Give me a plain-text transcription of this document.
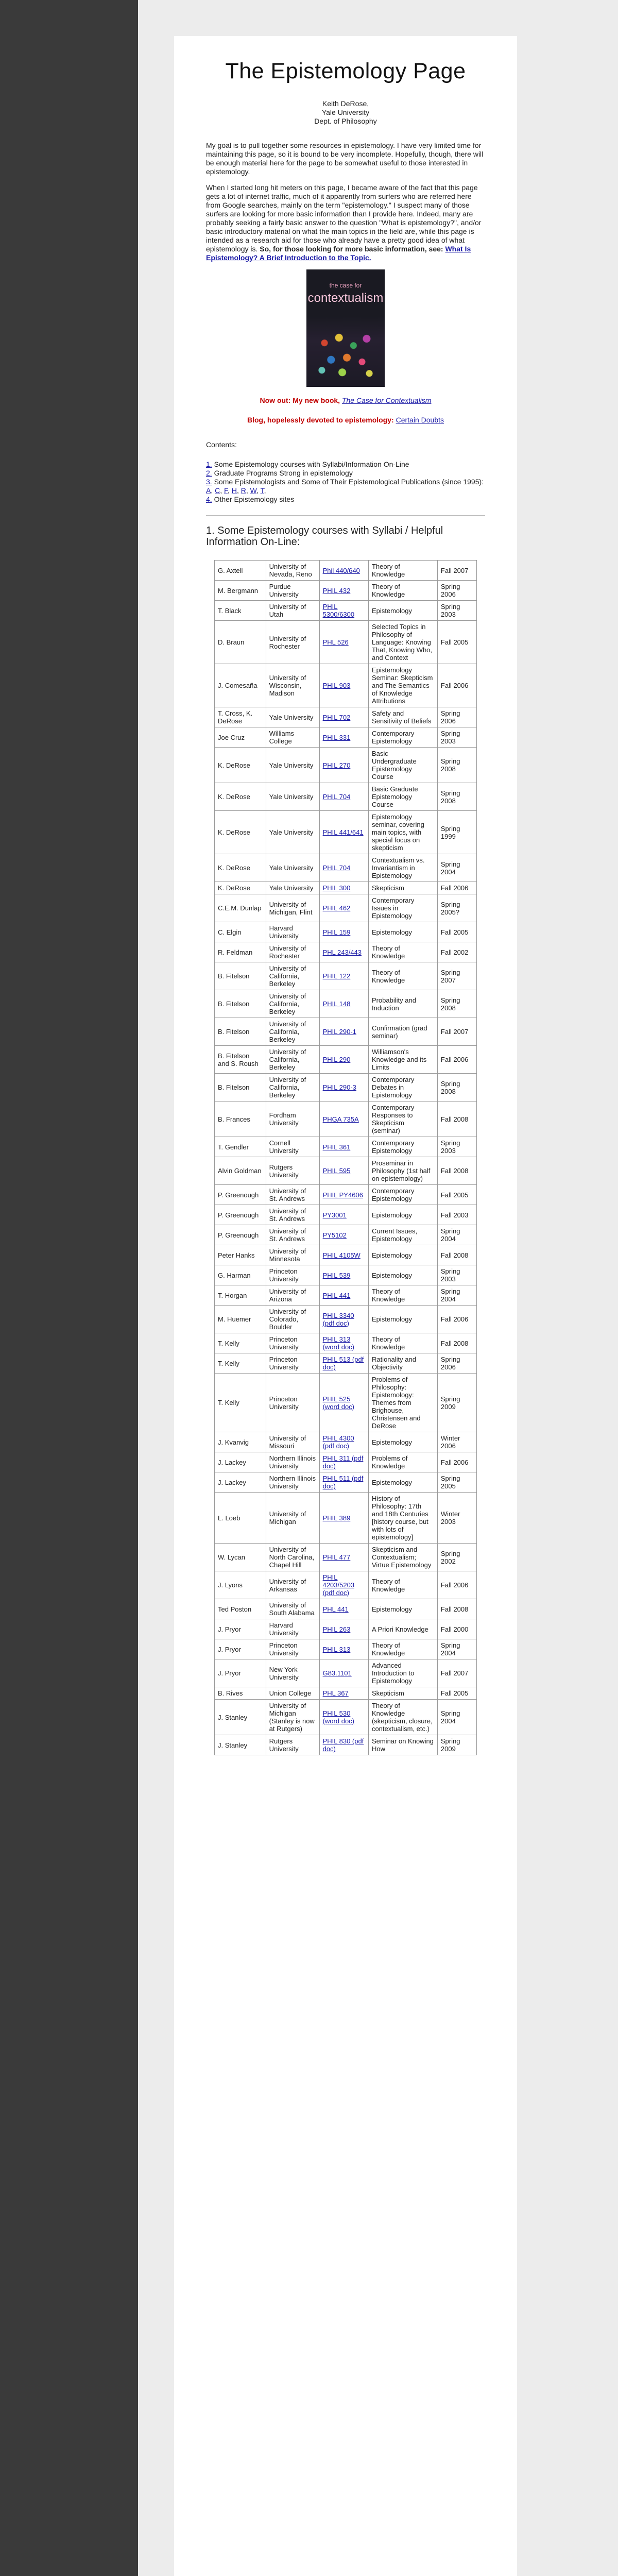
The Epistemology Page
Keith DeRose,
Yale University
Dept. of Philosophy

My goal is to pull together some resources in epistemology. I have very limited time for maintaining this page, so it is bound to be very incomplete. Hopefully, though, there will be enough material here for the page to be somewhat useful to those interested in epistemology.

When I started long hit meters on this page, I became aware of the fact that this page gets a lot of internet traffic, much of it apparently from surfers who are referred here from Google searches, mainly on the term "epistemology." I suspect many of those surfers are looking for more basic information than I provide here. Indeed, many are probably seeking a fairly basic answer to the question "What is epistemology?", and/or basic introductory material on what the main topics in the field are, while this page is intended as a research aid for those who already have a pretty good idea of what epistemology is. So, for those looking for more basic information, see: What Is Epistemology? A Brief Introduction to the Topic.

the case for
contextualism
Now out: My new book, The Case for Contextualism
Blog, hopelessly devoted to epistemology: Certain Doubts
Contents:
1. Some Epistemology courses with Syllabi/Information On-Line
2. Graduate Programs Strong in epistemology
3. Some Epistemologists and Some of Their Epistemological Publications (since 1995):
A, C, F, H, R, W, T,
4. Other Epistemology sites
1. Some Epistemology courses with Syllabi / Helpful Information On-Line:
G. Axtell	University of Nevada, Reno	Phil 440/640	Theory of Knowledge	Fall 2007
M. Bergmann	Purdue University	PHIL 432	Theory of Knowledge	Spring 2006
T. Black	University of Utah	PHIL 5300/6300	Epistemology	Spring 2003
D. Braun	University of Rochester	PHL 526	Selected Topics in Philosophy of Language: Knowing That, Knowing Who, and Context	Fall 2005
J. Comesaña	University of Wisconsin, Madison	PHIL 903	Epistemology Seminar: Skepticism and The Semantics of Knowledge Attributions	Fall 2006
T. Cross, K. DeRose	Yale University	PHIL 702	Safety and Sensitivity of Beliefs	Spring 2006
Joe Cruz	Williams College	PHIL 331	Contemporary Epistemology	Spring 2003
K. DeRose	Yale University	PHIL 270	Basic Undergraduate Epistemology Course	Spring 2008
K. DeRose	Yale University	PHIL 704	Basic Graduate Epistemology Course	Spring 2008
K. DeRose	Yale University	PHIL 441/641	Epistemology seminar, covering main topics, with special focus on skepticism	Spring 1999
K. DeRose	Yale University	PHIL 704	Contextualism vs. Invariantism in Epistemology	Spring 2004
K. DeRose	Yale University	PHIL 300	Skepticism	Fall 2006
C.E.M. Dunlap	University of Michigan, Flint	PHIL 462	Contemporary Issues in Epistemology	Spring 2005?
C. Elgin	Harvard University	PHIL 159	Epistemology	Fall 2005
R. Feldman	University of Rochester	PHL 243/443	Theory of Knowledge	Fall 2002
B. Fitelson	University of California, Berkeley	PHIL 122	Theory of Knowledge	Spring 2007
B. Fitelson	University of California, Berkeley	PHIL 148	Probability and Induction	Spring 2008
B. Fitelson	University of California, Berkeley	PHIL 290-1	Confirmation (grad seminar)	Fall 2007
B. Fitelson and S. Roush	University of California, Berkeley	PHIL 290	Williamson's Knowledge and its Limits	Fall 2006
B. Fitelson	University of California, Berkeley	PHIL 290-3	Contemporary Debates in Epistemology	Spring 2008
B. Frances	Fordham University	PHGA 735A	Contemporary Responses to Skepticism (seminar)	Fall 2008
T. Gendler	Cornell University	PHIL 361	Contemporary Epistemology	Spring 2003
Alvin Goldman	Rutgers University	PHIL 595	Proseminar in Philosophy (1st half on epistemology)	Fall 2008
P. Greenough	University of St. Andrews	PHIL PY4606	Contemporary Epistemology	Fall 2005
P. Greenough	University of St. Andrews	PY3001	Epistemology	Fall 2003
P. Greenough	University of St. Andrews	PY5102	Current Issues, Epistemology	Spring 2004
Peter Hanks	University of Minnesota	PHIL 4105W	Epistemology	Fall 2008
G. Harman	Princeton University	PHIL 539	Epistemology	Spring 2003
T. Horgan	University of Arizona	PHIL 441	Theory of Knowledge	Spring 2004
M. Huemer	University of Colorado, Boulder	PHIL 3340 (pdf doc)	Epistemology	Fall 2006
T. Kelly	Princeton University	PHIL 313 (word doc)	Theory of Knowledge	Fall 2008
T. Kelly	Princeton University	PHIL 513 (pdf doc)	Rationality and Objectivity	Spring 2006
T. Kelly	Princeton University	PHIL 525 (word doc)	Problems of Philosophy: Epistemology: Themes from Brighouse, Christensen and DeRose	Spring 2009
J. Kvanvig	University of Missouri	PHIL 4300 (pdf doc)	Epistemology	Winter 2006
J. Lackey	Northern Illinois University	PHIL 311 (pdf doc)	Problems of Knowledge	Fall 2006
J. Lackey	Northern Illinois University	PHIL 511 (pdf doc)	Epistemology	Spring 2005
L. Loeb	University of Michigan	PHIL 389	History of Philosophy: 17th and 18th Centuries [history course, but with lots of epistemology]	Winter 2003
W. Lycan	University of North Carolina, Chapel Hill	PHIL 477	Skepticism and Contextualism; Virtue Epistemology	Spring 2002
J. Lyons	University of Arkansas	PHIL 4203/5203 (pdf doc)	Theory of Knowledge	Fall 2006
Ted Poston	University of South Alabama	PHL 441	Epistemology	Fall 2008
J. Pryor	Harvard University	PHIL 263	A Priori Knowledge	Fall 2000
J. Pryor	Princeton University	PHIL 313	Theory of Knowledge	Spring 2004
J. Pryor	New York University	G83.1101	Advanced Introduction to Epistemology	Fall 2007
B. Rives	Union College	PHL 367	Skepticism	Fall 2005
J. Stanley	University of Michigan (Stanley is now at Rutgers)	PHIL 530 (word doc)	Theory of Knowledge (skepticism, closure, contextualism, etc.)	Spring 2004
J. Stanley	Rutgers University	PHIL 830 (pdf doc)	Seminar on Knowing How	Spring 2009
